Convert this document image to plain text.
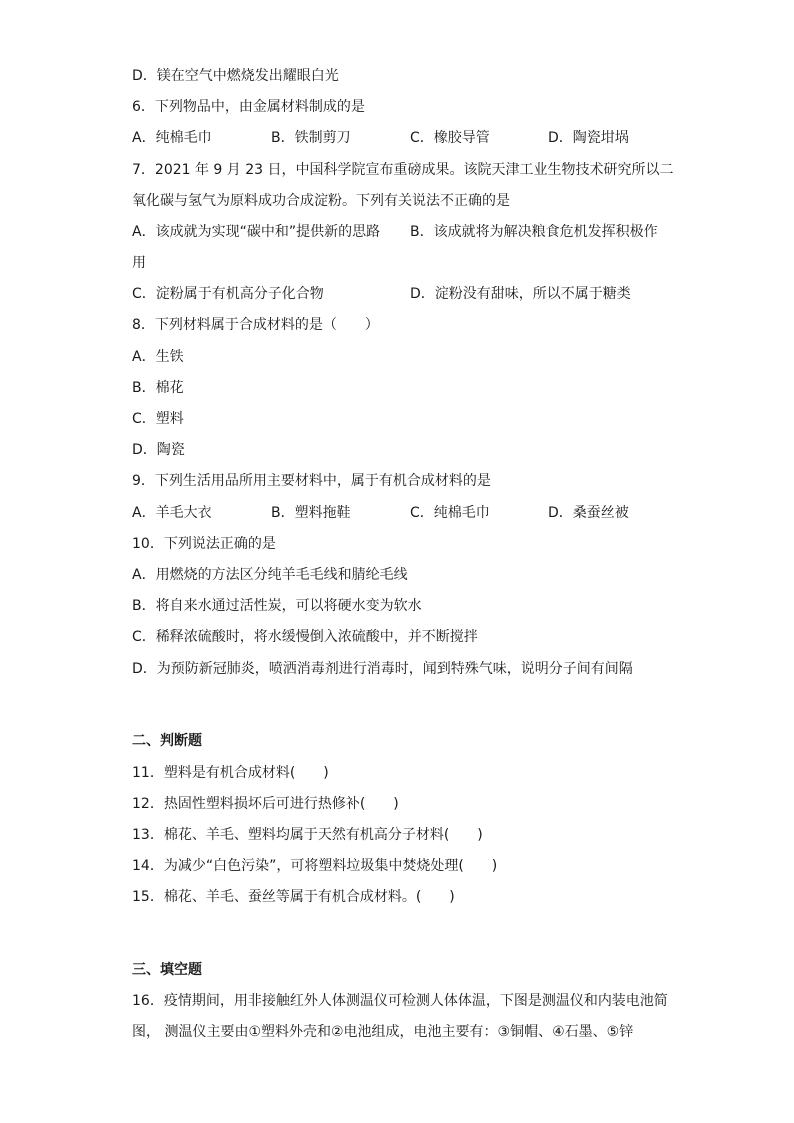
D．镁在空气中燃烧发出耀眼白光
6．下列物品中，由金属材料制成的是
A．纯棉毛巾	B．铁制剪刀	C．橡胶导管	D．陶瓷坩埚
7．2021 年 9 月 23 日，中国科学院宣布重磅成果。该院天津工业生物技术研究所以二
氧化碳与氢气为原料成功合成淀粉。下列有关说法不正确的是
A．该成就为实现“碳中和”提供新的思路 B．该成就将为解决粮食危机发挥积极作
用
C．淀粉属于有机高分子化合物	D．淀粉没有甜味，所以不属于糖类
8．下列材料属于合成材料的是（　　）
A．生铁
B．棉花
C．塑料
D．陶瓷
9．下列生活用品所用主要材料中，属于有机合成材料的是
A．羊毛大衣	B．塑料拖鞋	C．纯棉毛巾	D．桑蚕丝被
10．下列说法正确的是
A．用燃烧的方法区分纯羊毛毛线和腈纶毛线
B．将自来水通过活性炭，可以将硬水变为软水
C．稀释浓硫酸时，将水缓慢倒入浓硫酸中，并不断搅拌
D．为预防新冠肺炎，喷洒消毒剂进行消毒时，闻到特殊气味，说明分子间有间隔
二、判断题
11．塑料是有机合成材料(　　)
12．热固性塑料损坏后可进行热修补(　　)
13．棉花、羊毛、塑料均属于天然有机高分子材料(　　)
14．为减少“白色污染”，可将塑料垃圾集中焚烧处理(　　)
15．棉花、羊毛、蚕丝等属于有机合成材料。(　　)
三、填空题
16．疫情期间，用非接触红外人体测温仪可检测人体体温，下图是测温仪和内装电池简
图， 测温仪主要由①塑料外壳和②电池组成，电池主要有：③铜帽、④石墨、⑤锌
